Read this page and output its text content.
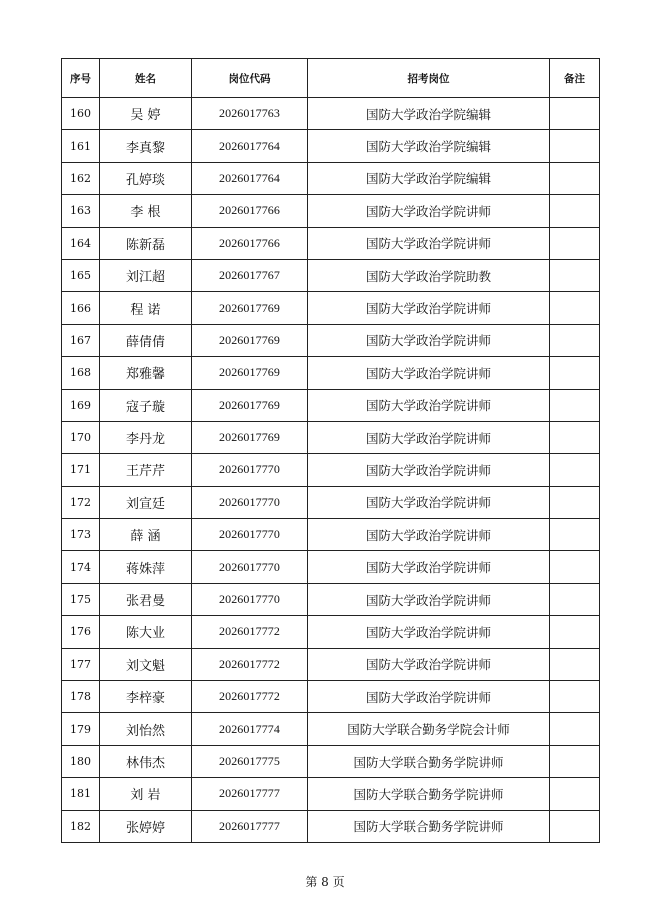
序号	姓名	岗位代码	招考岗位	备注
160	吴 婷	2026017763	国防大学政治学院编辑	
161	李真黎	2026017764	国防大学政治学院编辑	
162	孔婷琰	2026017764	国防大学政治学院编辑	
163	李 根	2026017766	国防大学政治学院讲师	
164	陈新磊	2026017766	国防大学政治学院讲师	
165	刘江超	2026017767	国防大学政治学院助教	
166	程 诺	2026017769	国防大学政治学院讲师	
167	薛倩倩	2026017769	国防大学政治学院讲师	
168	郑雅馨	2026017769	国防大学政治学院讲师	
169	寇子璇	2026017769	国防大学政治学院讲师	
170	李丹龙	2026017769	国防大学政治学院讲师	
171	王芹芹	2026017770	国防大学政治学院讲师	
172	刘宣廷	2026017770	国防大学政治学院讲师	
173	薛 涵	2026017770	国防大学政治学院讲师	
174	蒋姝萍	2026017770	国防大学政治学院讲师	
175	张君曼	2026017770	国防大学政治学院讲师	
176	陈大业	2026017772	国防大学政治学院讲师	
177	刘文魁	2026017772	国防大学政治学院讲师	
178	李梓豪	2026017772	国防大学政治学院讲师	
179	刘怡然	2026017774	国防大学联合勤务学院会计师	
180	林伟杰	2026017775	国防大学联合勤务学院讲师	
181	刘 岩	2026017777	国防大学联合勤务学院讲师	
182	张婷婷	2026017777	国防大学联合勤务学院讲师	
第 8 页
